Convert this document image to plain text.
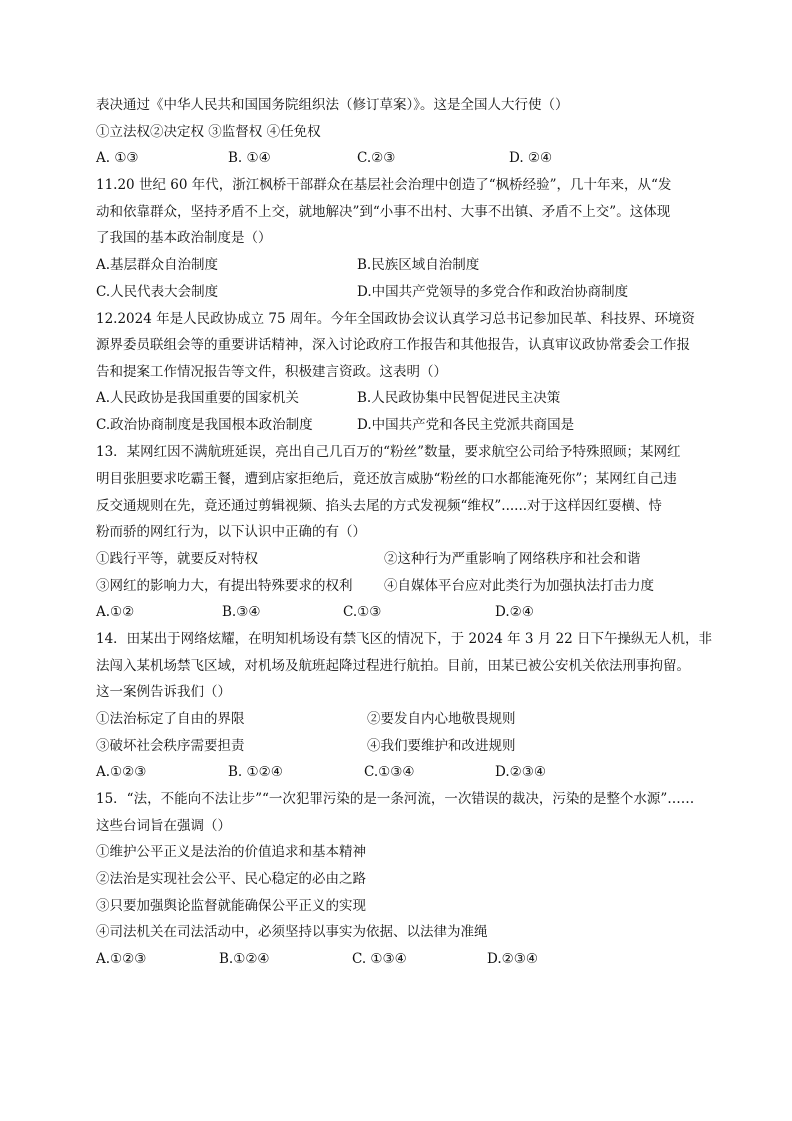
表决通过《中华人民共和国国务院组织法（修订草案）》。这是全国人大行使（）
①立法权②决定权 ③监督权 ④任免权
A. ①③	B. ①④	C.②③	D. ②④
11.20 世纪 60 年代，浙江枫桥干部群众在基层社会治理中创造了“枫桥经验”，几十年来，从“发
动和依靠群众，坚持矛盾不上交，就地解决”到“小事不出村、大事不出镇、矛盾不上交”。这体现
了我国的基本政治制度是（）
A.基层群众自治制度	B.民族区域自治制度
C.人民代表大会制度	D.中国共产党领导的多党合作和政治协商制度
12.2024 年是人民政协成立 75 周年。今年全国政协会议认真学习总书记参加民革、科技界、环境资
源界委员联组会等的重要讲话精神，深入讨论政府工作报告和其他报告，认真审议政协常委会工作报
告和提案工作情况报告等文件，积极建言资政。这表明（）
A.人民政协是我国重要的国家机关	B.人民政协集中民智促进民主决策
C.政治协商制度是我国根本政治制度	D.中国共产党和各民主党派共商国是
13．某网红因不满航班延误，亮出自己几百万的“粉丝”数量，要求航空公司给予特殊照顾；某网红
明目张胆要求吃霸王餐，遭到店家拒绝后，竟还放言威胁“粉丝的口水都能淹死你”；某网红自己违
反交通规则在先，竟还通过剪辑视频、掐头去尾的方式发视频“维权”......对于这样因红耍横、恃
粉而骄的网红行为，以下认识中正确的有（）
①践行平等，就要反对特权	②这种行为严重影响了网络秩序和社会和谐
③网红的影响力大，有提出特殊要求的权利 ④自媒体平台应对此类行为加强执法打击力度
A.①②	B.③④	C.①③	D.②④
14．田某出于网络炫耀，在明知机场设有禁飞区的情况下，于 2024 年 3 月 22 日下午操纵无人机，非
法闯入某机场禁飞区域，对机场及航班起降过程进行航拍。目前，田某已被公安机关依法刑事拘留。
这一案例告诉我们（）
①法治标定了自由的界限	②要发自内心地敬畏规则
③破坏社会秩序需要担责	④我们要维护和改进规则
A.①②③	B. ①②④	C.①③④	D.②③④
15．“法，不能向不法让步”“一次犯罪污染的是一条河流，一次错误的裁决，污染的是整个水源”……
这些台词旨在强调（）
①维护公平正义是法治的价值追求和基本精神
②法治是实现社会公平、民心稳定的必由之路
③只要加强舆论监督就能确保公平正义的实现
④司法机关在司法活动中，必须坚持以事实为依据、以法律为准绳
A.①②③	B.①②④	C. ①③④	D.②③④
